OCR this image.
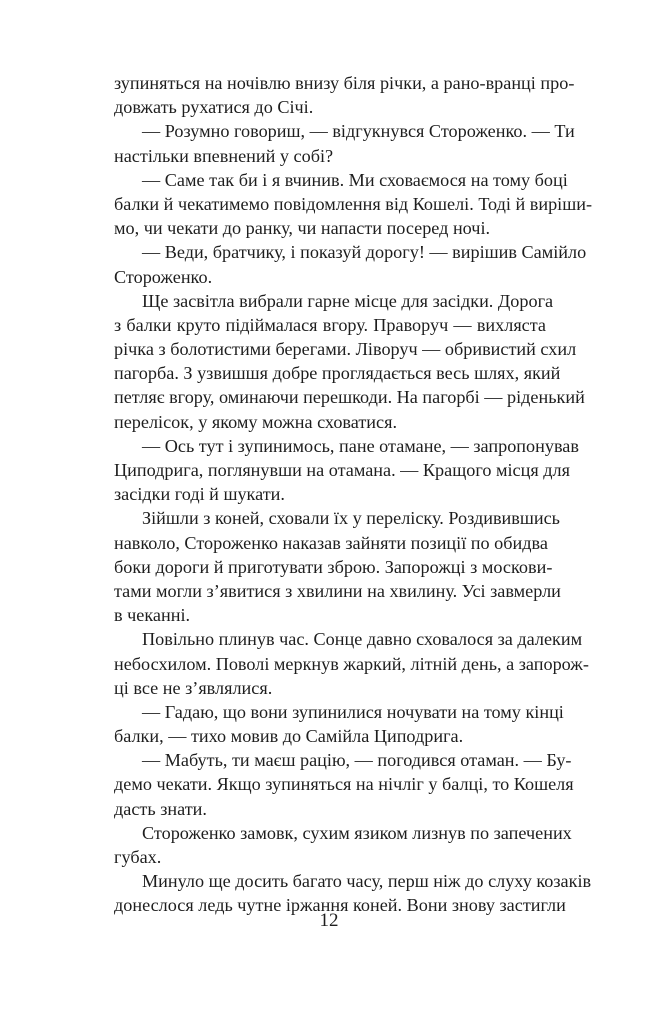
зупиняться на ночівлю внизу біля річки, а рано-вранці про-
довжать рухатися до Січі.
— Розумно говориш, — відгукнувся Стороженко. — Ти
настільки впевнений у собі?
— Саме так би і я вчинив. Ми сховаємося на тому боці
балки й чекатимемо повідомлення від Кошелі. Тоді й виріши-
мо, чи чекати до ранку, чи напасти посеред ночі.
— Веди, братчику, і показуй дорогу! — вирішив Самійло
Стороженко.
Ще засвітла вибрали гарне місце для засідки. Дорога
з балки круто підіймалася вгору. Праворуч — вихляста
річка з болотистими берегами. Ліворуч — обривистий схил
пагорба. З узвишшя добре проглядається весь шлях, який
петляє вгору, оминаючи перешкоди. На пагорбі — ріденький
перелісок, у якому можна сховатися.
— Ось тут і зупинимось, пане отамане, — запропонував
Циподрига, поглянувши на отамана. — Кращого місця для
засідки годі й шукати.
Зійшли з коней, сховали їх у переліску. Роздивившись
навколо, Стороженко наказав зайняти позиції по обидва
боки дороги й приготувати зброю. Запорожці з москови-
тами могли з’явитися з хвилини на хвилину. Усі завмерли
в чеканні.
Повільно плинув час. Сонце давно сховалося за далеким
небосхилом. Поволі меркнув жаркий, літній день, а запорож-
ці все не з’являлися.
— Гадаю, що вони зупинилися ночувати на тому кінці
балки, — тихо мовив до Самійла Циподрига.
— Мабуть, ти маєш рацію, — погодився отаман. — Бу-
демо чекати. Якщо зупиняться на нічліг у балці, то Кошеля
дасть знати.
Стороженко замовк, сухим язиком лизнув по запечених
губах.
Минуло ще досить багато часу, перш ніж до слуху козаків
донеслося ледь чутне іржання коней. Вони знову застигли
12
